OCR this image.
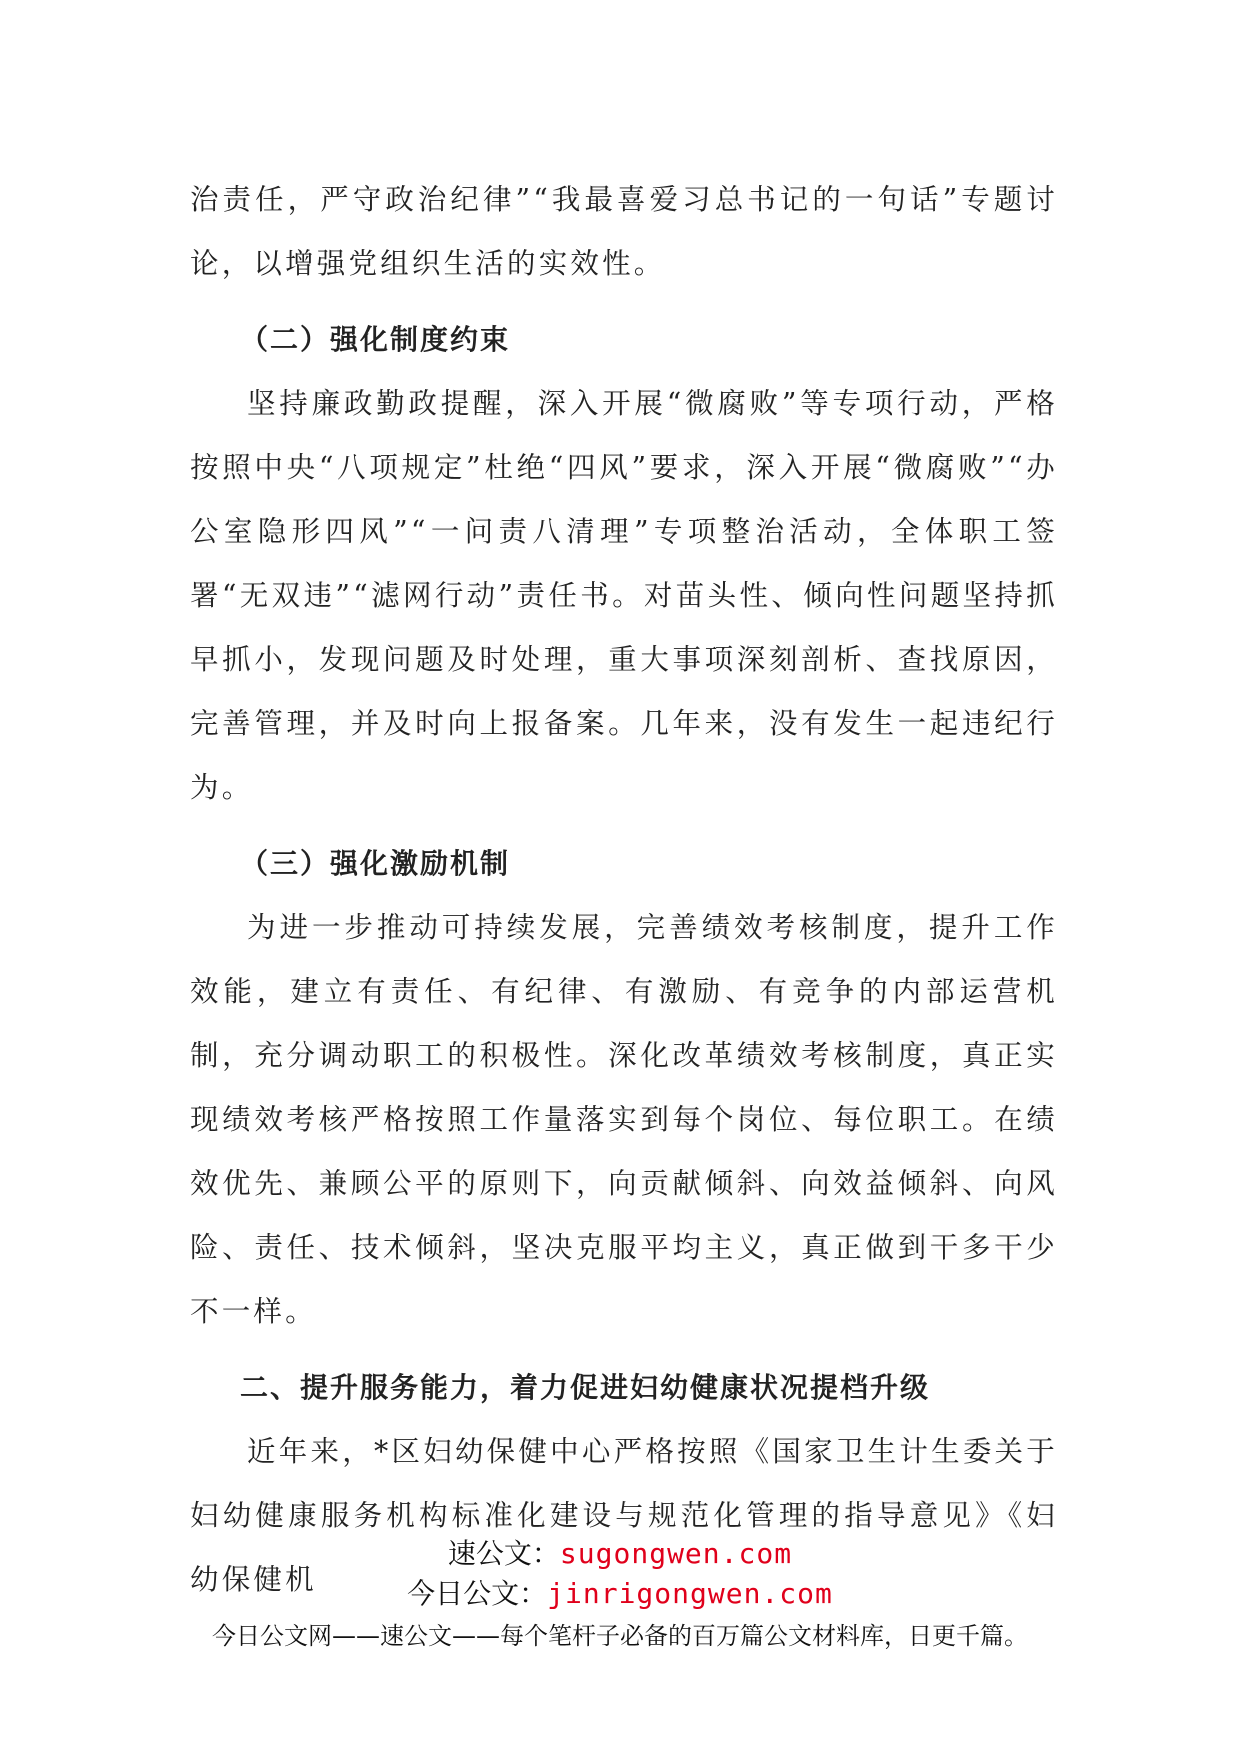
治责任，严守政治纪律”“我最喜爱习总书记的一句话”专题讨论，以增强党组织生活的实效性。

（二）强化制度约束

坚持廉政勤政提醒，深入开展“微腐败”等专项行动，严格按照中央“八项规定”杜绝“四风”要求，深入开展“微腐败”“办公室隐形四风”“一问责八清理”专项整治活动，全体职工签署“无双违”“滤网行动”责任书。对苗头性、倾向性问题坚持抓早抓小，发现问题及时处理，重大事项深刻剖析、查找原因，完善管理，并及时向上报备案。几年来，没有发生一起违纪行为。

（三）强化激励机制

为进一步推动可持续发展，完善绩效考核制度，提升工作效能，建立有责任、有纪律、有激励、有竞争的内部运营机制，充分调动职工的积极性。深化改革绩效考核制度，真正实现绩效考核严格按照工作量落实到每个岗位、每位职工。在绩效优先、兼顾公平的原则下，向贡献倾斜、向效益倾斜、向风险、责任、技术倾斜，坚决克服平均主义，真正做到干多干少不一样。

二、提升服务能力，着力促进妇幼健康状况提档升级

近年来，*区妇幼保健中心严格按照《国家卫生计生委关于妇幼健康服务机构标准化建设与规范化管理的指导意见》《妇幼保健机

速公文：sugongwen.com
今日公文：jinrigongwen.com
今日公文网——速公文——每个笔杆子必备的百万篇公文材料库，日更千篇。
